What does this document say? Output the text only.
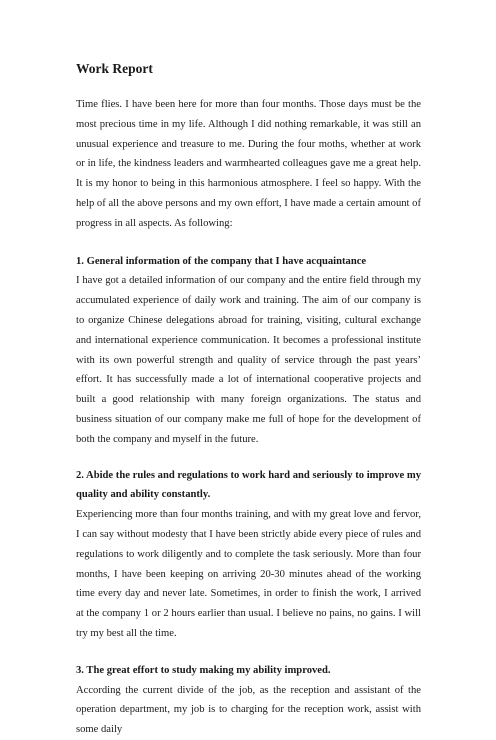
Work Report

Time flies. I have been here for more than four months. Those days must be the most precious time in my life. Although I did nothing remarkable, it was still an unusual experience and treasure to me. During the four moths, whether at work or in life, the kindness leaders and warmhearted colleagues gave me a great help. It is my honor to being in this harmonious atmosphere. I feel so happy. With the help of all the above persons and my own effort, I have made a certain amount of progress in all aspects. As following:

1. General information of the company that I have acquaintance

I have got a detailed information of our company and the entire field through my accumulated experience of daily work and training. The aim of our company is to organize Chinese delegations abroad for training, visiting, cultural exchange and international experience communication. It becomes a professional institute with its own powerful strength and quality of service through the past years’ effort. It has successfully made a lot of international cooperative projects and built a good relationship with many foreign organizations. The status and business situation of our company make me full of hope for the development of both the company and myself in the future.

2. Abide the rules and regulations to work hard and seriously to improve my quality and ability constantly.

Experiencing more than four months training, and with my great love and fervor, I can say without modesty that I have been strictly abide every piece of rules and regulations to work diligently and to complete the task seriously. More than four months, I have been keeping on arriving 20-30 minutes ahead of the working time every day and never late. Sometimes, in order to finish the work, I arrived at the company 1 or 2 hours earlier than usual. I believe no pains, no gains. I will try my best all the time.

3. The great effort to study making my ability improved.

According the current divide of the job, as the reception and assistant of the operation department, my job is to charging for the reception work, assist with some daily
